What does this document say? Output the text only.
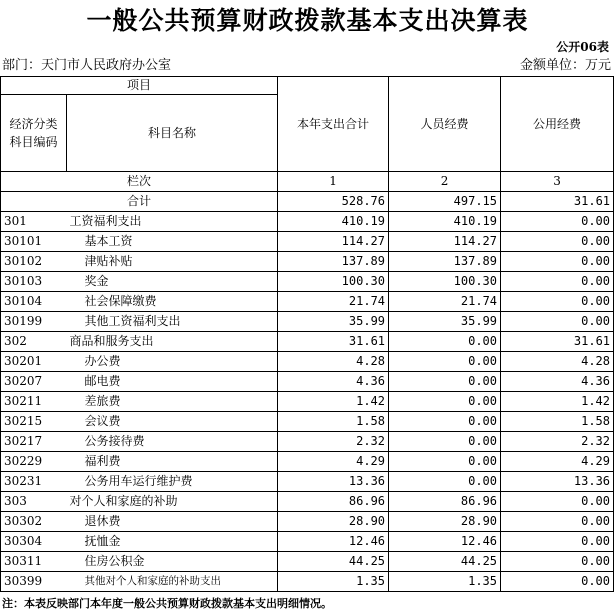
一般公共预算财政拨款基本支出决算表
公开06表
部门：天门市人民政府办公室	金额单位：万元
项目		本年支出合计	人员经费	公用经费
经济分类
科目编码	科目名称			
栏次		1	2	3
合计		528.76	497.15	31.61
301	工资福利支出	410.19	410.19	0.00
30101	基本工资	114.27	114.27	0.00
30102	津贴补贴	137.89	137.89	0.00
30103	奖金	100.30	100.30	0.00
30104	社会保障缴费	21.74	21.74	0.00
30199	其他工资福利支出	35.99	35.99	0.00
302	商品和服务支出	31.61	0.00	31.61
30201	办公费	4.28	0.00	4.28
30207	邮电费	4.36	0.00	4.36
30211	差旅费	1.42	0.00	1.42
30215	会议费	1.58	0.00	1.58
30217	公务接待费	2.32	0.00	2.32
30229	福利费	4.29	0.00	4.29
30231	公务用车运行维护费	13.36	0.00	13.36
303	对个人和家庭的补助	86.96	86.96	0.00
30302	退休费	28.90	28.90	0.00
30304	抚恤金	12.46	12.46	0.00
30311	住房公积金	44.25	44.25	0.00
30399	其他对个人和家庭的补助支出	1.35	1.35	0.00
注：本表反映部门本年度一般公共预算财政拨款基本支出明细情况。
